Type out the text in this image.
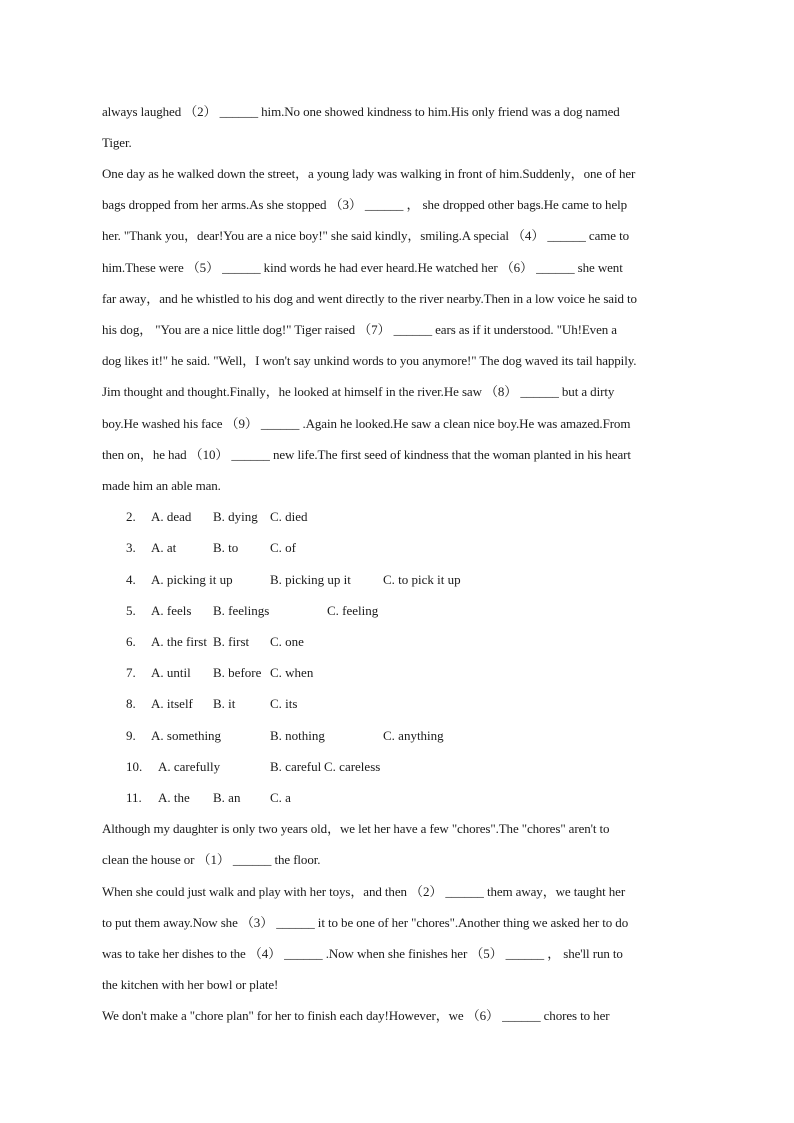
always laughed （2） ______ him.No one showed kindness to him.His only friend was a dog named
Tiger.
One day as he walked down the street，a young lady was walking in front of him.Suddenly，one of her
bags dropped from her arms.As she stopped （3） ______ ， she dropped other bags.He came to help
her. "Thank you，dear!You are a nice boy!" she said kindly，smiling.A special （4） ______ came to
him.These were （5） ______ kind words he had ever heard.He watched her （6） ______ she went
far away，and he whistled to his dog and went directly to the river nearby.Then in a low voice he said to
his dog， "You are a nice little dog!" Tiger raised （7） ______ ears as if it understood. "Uh!Even a
dog likes it!" he said. "Well，I won't say unkind words to you anymore!" The dog waved its tail happily.
Jim thought and thought.Finally，he looked at himself in the river.He saw （8） ______ but a dirty
boy.He washed his face （9） ______ .Again he looked.He saw a clean nice boy.He was amazed.From
then on，he had （10） ______ new life.The first seed of kindness that the woman planted in his heart
made him an able man.
2. A. dead B. dying C. died
3. A. at	B. to C. of
4. A. picking it up	B. picking up it C. to pick it up
5. A. feels B. feelings	C. feeling
6. A. the first B. first C. one
7. A. until B. before C. when
8. A. itself B. it	C. its
9. A. something	B. nothing	C. anything
10. A. carefully	B. careful C. careless
11. A. the B. an C. a
Although my daughter is only two years old，we let her have a few "chores".The "chores" aren't to
clean the house or （1） ______ the floor.
When she could just walk and play with her toys，and then （2） ______ them away，we taught her
to put them away.Now she （3） ______ it to be one of her "chores".Another thing we asked her to do
was to take her dishes to the （4） ______ .Now when she finishes her （5） ______ ， she'll run to
the kitchen with her bowl or plate!
We don't make a "chore plan" for her to finish each day!However，we （6） ______ chores to her
